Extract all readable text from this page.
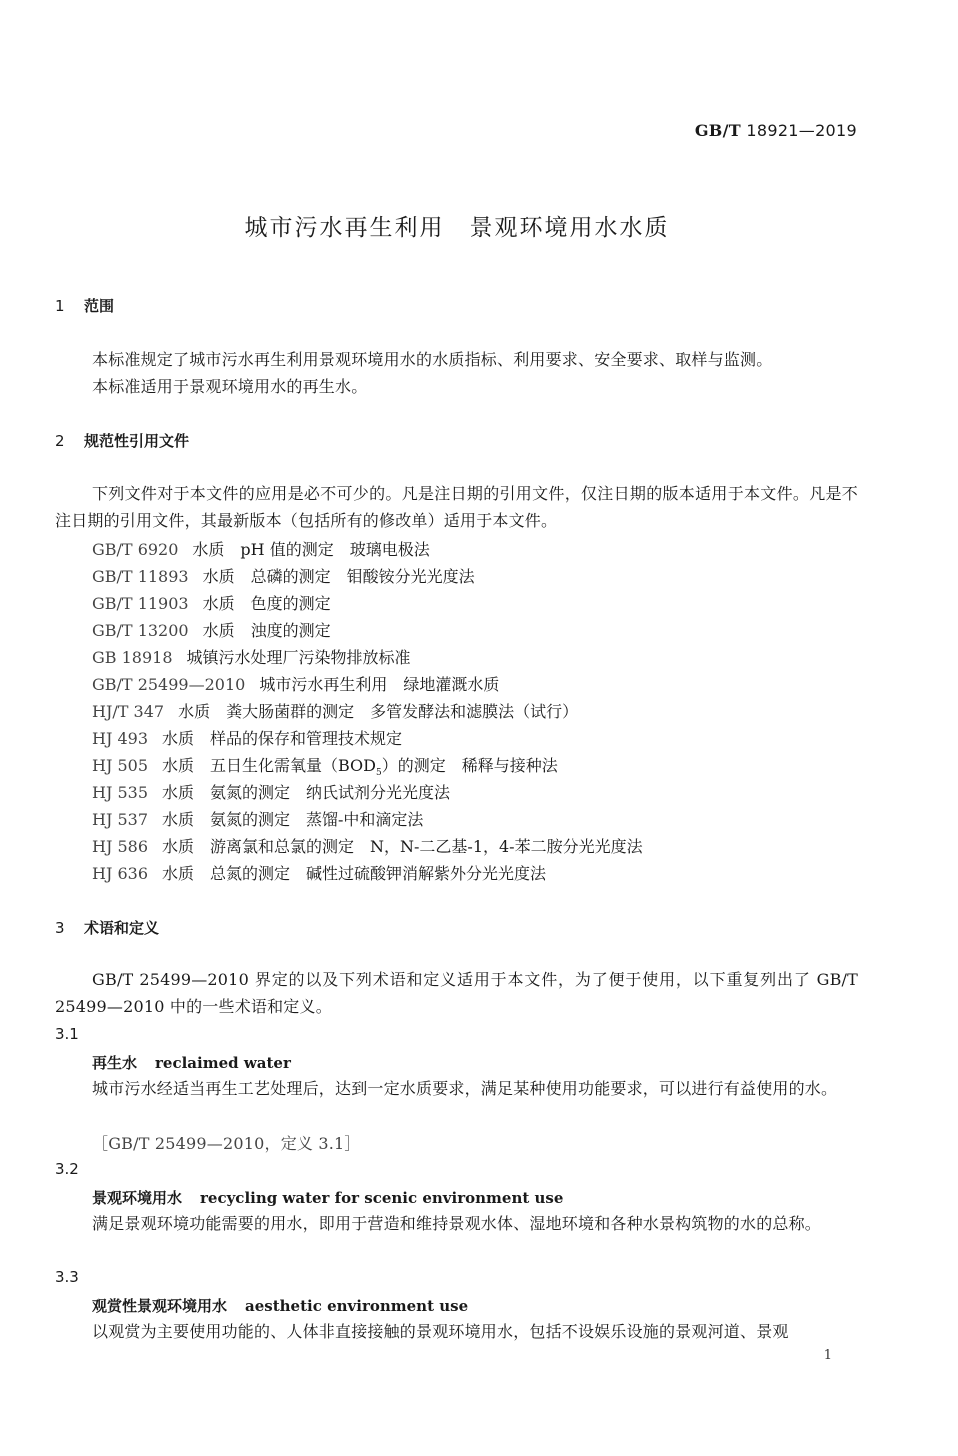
GB/T 18921—2019
城市污水再生利用　景观环境用水水质
1 范围
本标准规定了城市污水再生利用景观环境用水的水质指标、利用要求、安全要求、取样与监测。
本标准适用于景观环境用水的再生水。
2 规范性引用文件
下列文件对于本文件的应用是必不可少的。凡是注日期的引用文件，仅注日期的版本适用于本文件。凡是不注日期的引用文件，其最新版本（包括所有的修改单）适用于本文件。
GB/T 6920 水质　pH 值的测定　玻璃电极法
GB/T 11893 水质　总磷的测定　钼酸铵分光光度法
GB/T 11903 水质　色度的测定
GB/T 13200 水质　浊度的测定
GB 18918 城镇污水处理厂污染物排放标准
GB/T 25499—2010 城市污水再生利用　绿地灌溉水质
HJ/T 347 水质　粪大肠菌群的测定　多管发酵法和滤膜法（试行）
HJ 493 水质　样品的保存和管理技术规定
HJ 505 水质　五日生化需氧量$(BOD_5)$的测定　稀释与接种法
HJ 535 水质　氨氮的测定　纳氏试剂分光光度法
HJ 537 水质　氨氮的测定　蒸馏-中和滴定法
HJ 586 水质　游离氯和总氯的测定　N，N-二乙基-1，4-苯二胺分光光度法
HJ 636 水质　总氮的测定　碱性过硫酸钾消解紫外分光光度法
3 术语和定义
GB/T 25499—2010 界定的以及下列术语和定义适用于本文件，为了便于使用，以下重复列出了 GB/T 25499—2010 中的一些术语和定义。
3.1
再生水 reclaimed water
城市污水经适当再生工艺处理后，达到一定水质要求，满足某种使用功能要求，可以进行有益使用的水。
［GB/T 25499—2010，定义 3.1］
3.2
景观环境用水 recycling water for scenic environment use
满足景观环境功能需要的用水，即用于营造和维持景观水体、湿地环境和各种水景构筑物的水的总称。
3.3
观赏性景观环境用水 aesthetic environment use
以观赏为主要使用功能的、人体非直接接触的景观环境用水，包括不设娱乐设施的景观河道、景观
1
